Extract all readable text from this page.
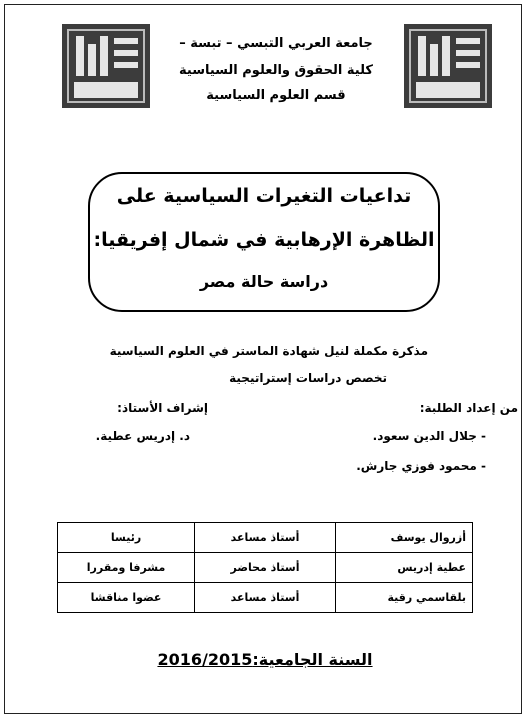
جامعة العربي التبسي – تبسة –
كلية الحقوق والعلوم السياسية
قسم العلوم السياسية
تداعيات التغيرات السياسية على
الظاهرة الإرهابية في شمال إفريقيا:
دراسة حالة مصر
مذكرة مكملة لنيل شهادة الماستر في العلوم السياسية
تخصص دراسات إستراتيجية
من إعداد الطلبة:
إشراف الأستاذ:
- جلال الدين سعود.
د. إدريس عطية.
- محمود فوزي جارش.
أزروال يوسف	أستاذ مساعد	رئيسا
عطية إدريس	أستاذ محاضر	مشرفا ومقررا
بلقاسمي رقية	أستاذ مساعد	عضوا مناقشا
السنة الجامعية:2016/2015
